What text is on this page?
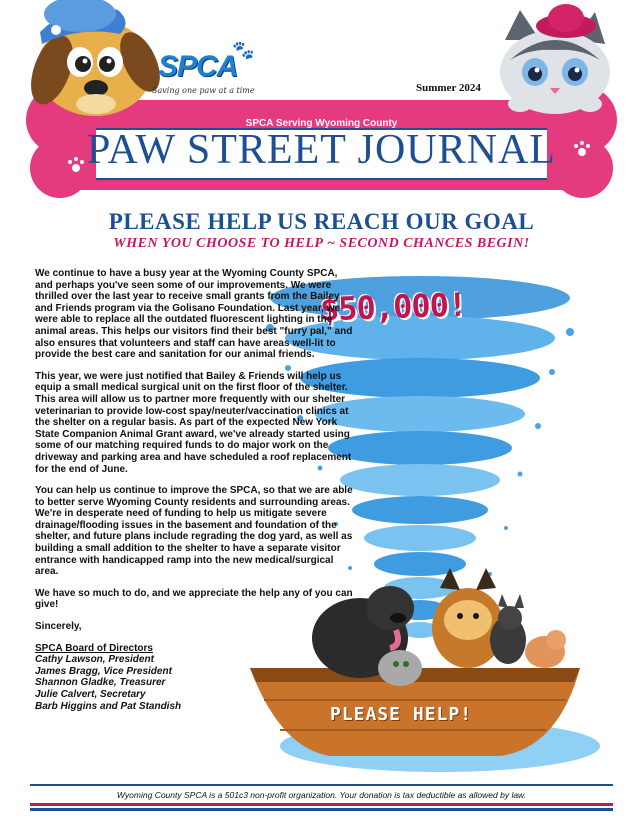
SPCA
🐾
Saving one paw at a time	Summer 2024
SPCA Serving Wyoming County
PAW STREET JOURNAL
PLEASE HELP US REACH OUR GOAL
WHEN YOU CHOOSE TO HELP ~ SECOND CHANCES BEGIN!
$50,000!
PLEASE HELP!

We continue to have a busy year at the Wyoming County SPCA, and perhaps you've seen some of our improvements. We were thrilled over the last year to receive small grants from the Bailey and Friends program via the Golisano Foundation. Last year, we were able to replace all the outdated fluorescent lighting in the animal areas. This helps our visitors find their best "furry pal," and also ensures that volunteers and staff can have areas well-lit to provide the best care and sanitation for our animal friends.

This year, we were just notified that Bailey & Friends will help us equip a small medical surgical unit on the first floor of the shelter. This area will allow us to partner more frequently with our shelter veterinarian to provide low-cost spay/neuter/vaccination clinics at the shelter on a regular basis. As part of the expected New York State Companion Animal Grant award, we've already started using some of our matching required funds to do major work on the driveway and parking area and have scheduled a roof replacement for the end of June.

You can help us continue to improve the SPCA, so that we are able to better serve Wyoming County residents and surrounding areas. We're in desperate need of funding to help us mitigate severe drainage/flooding issues in the basement and foundation of the shelter, and future plans include regrading the dog yard, as well as building a small addition to the shelter to have a separate visitor entrance with handicapped ramp into the new medical/surgical area.

We have so much to do, and we appreciate the help any of you can give!

Sincerely,

SPCA Board of Directors
Cathy Lawson, President
James Bragg, Vice President
Shannon Gladke, Treasurer
Julie Calvert, Secretary
Barb Higgins and Pat Standish
Wyoming County SPCA is a 501c3 non-profit organization. Your donation is tax deductible as allowed by law.
